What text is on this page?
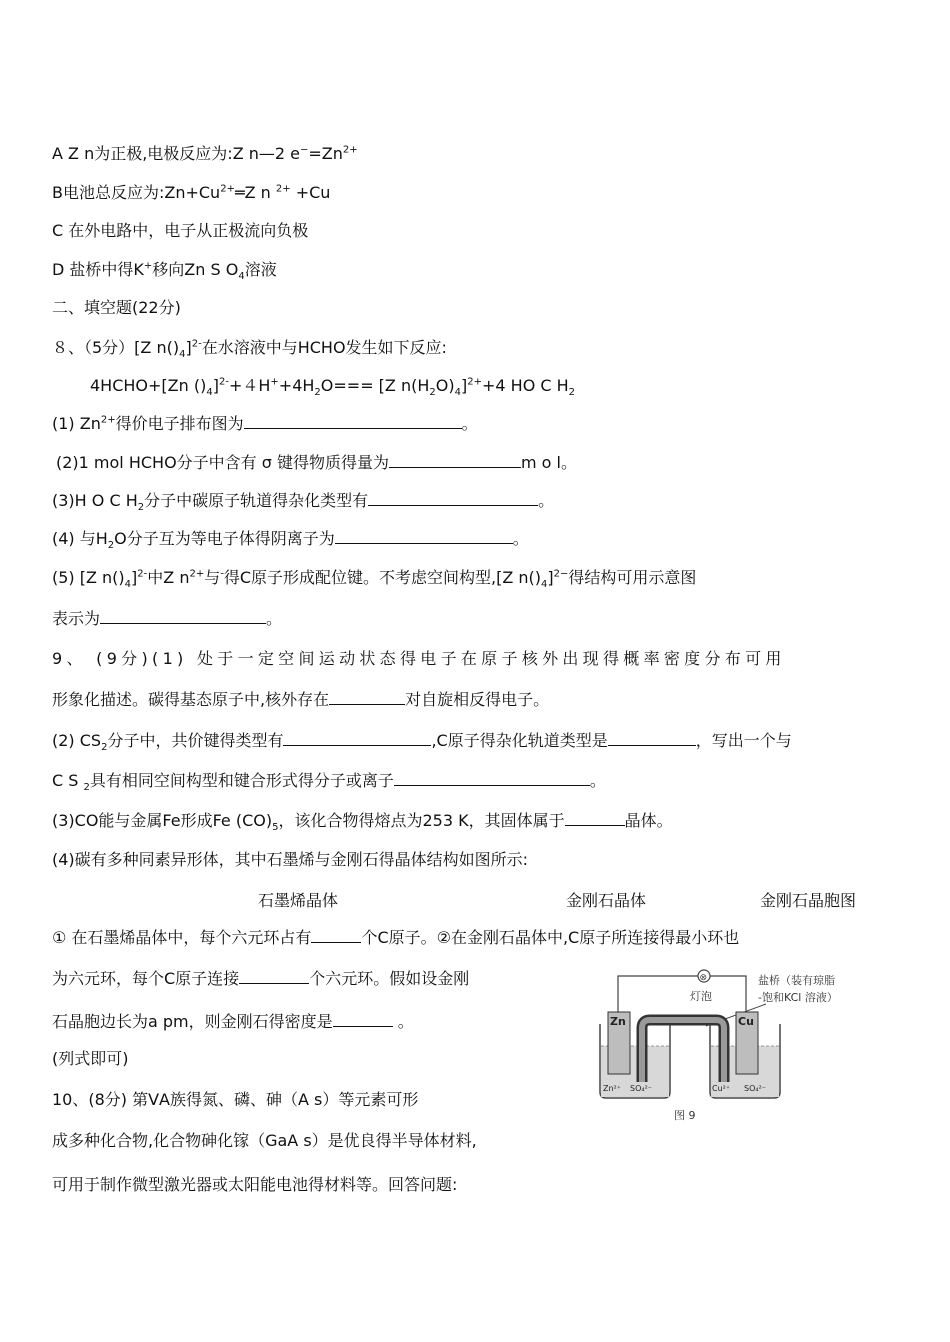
A Z n为正极,电极反应为:Z n—2 $e^-=Zn^{2+}$
B电池总反应为$:Zn+Cu^{2+}═Z$ n $^{2+}$ +Cu
C 在外电路中，电子从正极流向负极
D 盐桥中得K+移向Zn S $O_4$溶液
二、填空题(22分)
８、（5分）[Z $n()_4]^{2-}$在水溶液中与HCHO发生如下反应:
4HCHO+[Zn $()_4]^{2-}+4H^++4H_2O=== [Z$ $n(H_2O)_4]^{2+}+4$ HO C $H_2$
(1) $Zn^{2+}$得价电子排布图为	。
(2)1 mol HCHO分子中含有 σ 键得物质得量为	m o l。
(3)H O C $H_2$分子中碳原子轨道得杂化类型有	。
(4) 与$H_2O$分子互为等电子体得阴离子为	。
(5) [Z $n()_4]^{2-}$中Z $n^{2+}$与-得C原子形成配位键。不考虑空间构型,[Z $n()_4]^{2-}$得结构可用示意图
表示为	。
9、 (9分)(1) 处于一定空间运动状态得电子在原子核外出现得概率密度分布可用
形象化描述。碳得基态原子中,核外存在	对自旋相反得电子。
(2) $CS_2$分子中，共价键得类型有	,C原子得杂化轨道类型是	，写出一个与
C S $_2$具有相同空间构型和键合形式得分子或离子	。
(3)CO能与金属Fe形成Fe $(CO)_5$，该化合物得熔点为253 K，其固体属于	晶体。
(4)碳有多种同素异形体，其中石墨烯与金刚石得晶体结构如图所示:
石墨烯晶体	金刚石晶体	金刚石晶胞图
① 在石墨烯晶体中，每个六元环占有	个C原子。②在金刚石晶体中,C原子所连接得最小环也
为六元环，每个C原子连接	个六元环。假如设金刚
石晶胞边长为a pm，则金刚石得密度是	。
(列式即可)
10、(8分) 第ⅤA族得氮、磷、砷（A s）等元素可形
成多种化合物,化合物砷化镓（GaA s）是优良得半导体材料,
可用于制作微型激光器或太阳能电池得材料等。回答问题:
⊗
灯泡
盐桥（装有琼脂
-饱和KCl 溶液）
Zn
Zn²⁺ SO₄²⁻
Cu
Cu²⁺ SO₄²⁻
图 9
